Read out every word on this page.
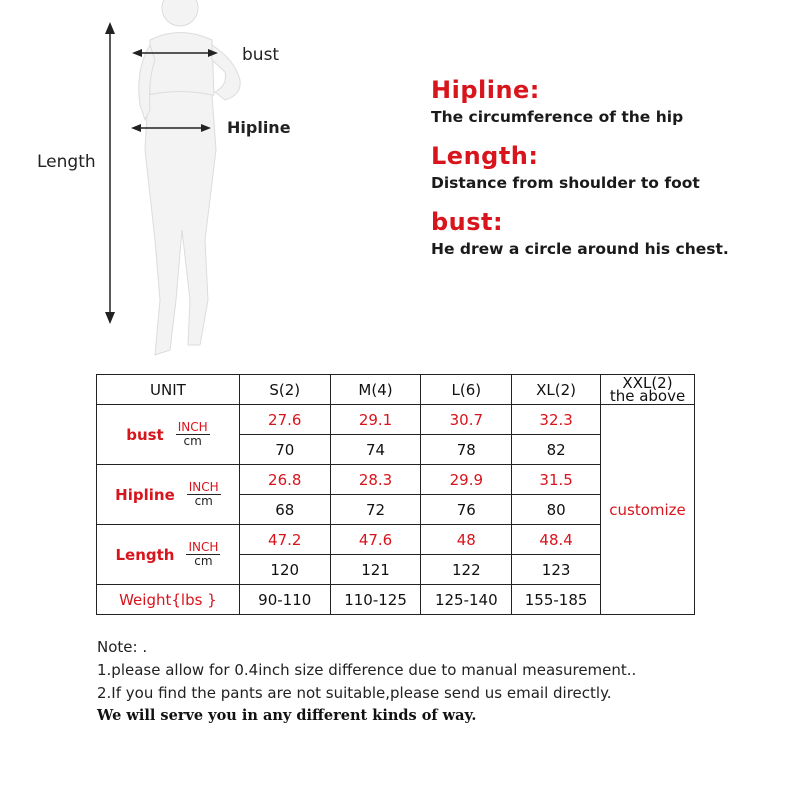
Length
bust
Hipline

Hipline:

The circumference of the hip

Length:

Distance from shoulder to foot

bust:

He drew a circle around his chest.

UNIT	S(2)	M(4)	L(6)	XL(2)	XXL(2)
the above

bust $\frac{\text{INCH}}{cm}$	27.6	29.1	30.7	32.3	customize
	70	74	78	82	

Hipline $\frac{\text{INCH}}{cm}$	26.8	28.3	29.9	31.5	
	68	72	76	80	

Length $\frac{\text{INCH}}{cm}$	47.2	47.6	48	48.4	
	120	121	122	123	
Weight{lbs }	90-110	110-125	125-140	155-185	

Note: .

1.please allow for 0.4inch size difference due to manual measurement..

2.If you find the pants are not suitable,please send us email directly.

We will serve you in any different kinds of way.
